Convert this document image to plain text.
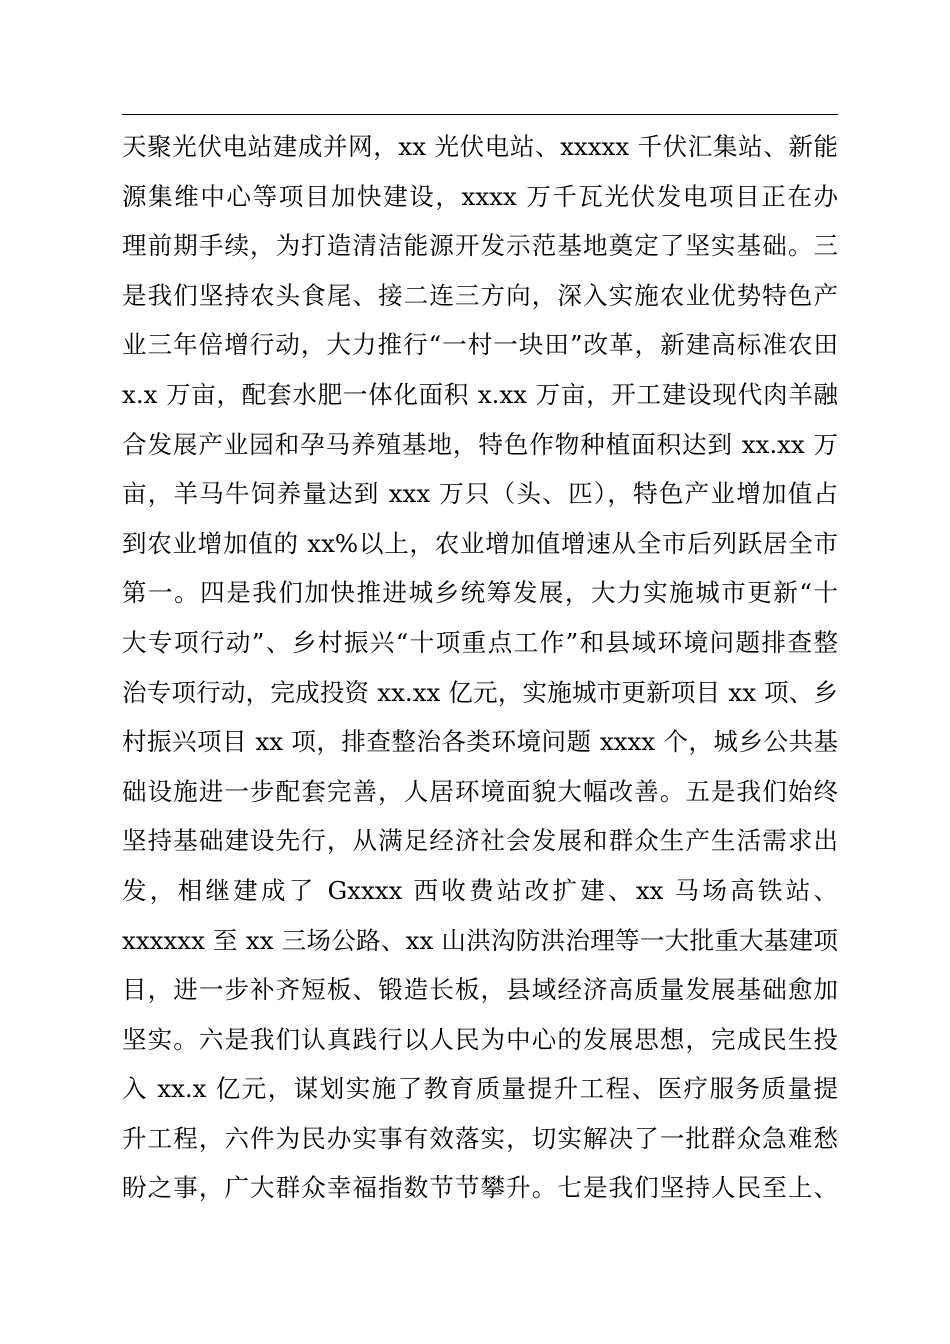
天聚光伏电站建成并网，xx 光伏电站、xxxxx 千伏汇集站、新能
源集维中心等项目加快建设，xxxx 万千瓦光伏发电项目正在办
理前期手续，为打造清洁能源开发示范基地奠定了坚实基础。三
是我们坚持农头食尾、接二连三方向，深入实施农业优势特色产
业三年倍增行动，大力推行“一村一块田”改革，新建高标准农田
x.x 万亩，配套水肥一体化面积 x.xx 万亩，开工建设现代肉羊融
合发展产业园和孕马养殖基地，特色作物种植面积达到 xx.xx 万
亩，羊马牛饲养量达到 xxx 万只（头、匹），特色产业增加值占
到农业增加值的 xx%以上，农业增加值增速从全市后列跃居全市
第一。四是我们加快推进城乡统筹发展，大力实施城市更新“十
大专项行动”、乡村振兴“十项重点工作”和县域环境问题排查整
治专项行动，完成投资 xx.xx 亿元，实施城市更新项目 xx 项、乡
村振兴项目 xx 项，排查整治各类环境问题 xxxx 个，城乡公共基
础设施进一步配套完善，人居环境面貌大幅改善。五是我们始终
坚持基础建设先行，从满足经济社会发展和群众生产生活需求出
发，相继建成了 Gxxxx 西收费站改扩建、xx 马场高铁站、
xxxxxx 至 xx 三场公路、xx 山洪沟防洪治理等一大批重大基建项
目，进一步补齐短板、锻造长板，县域经济高质量发展基础愈加
坚实。六是我们认真践行以人民为中心的发展思想，完成民生投
入 xx.x 亿元，谋划实施了教育质量提升工程、医疗服务质量提
升工程，六件为民办实事有效落实，切实解决了一批群众急难愁
盼之事，广大群众幸福指数节节攀升。七是我们坚持人民至上、
